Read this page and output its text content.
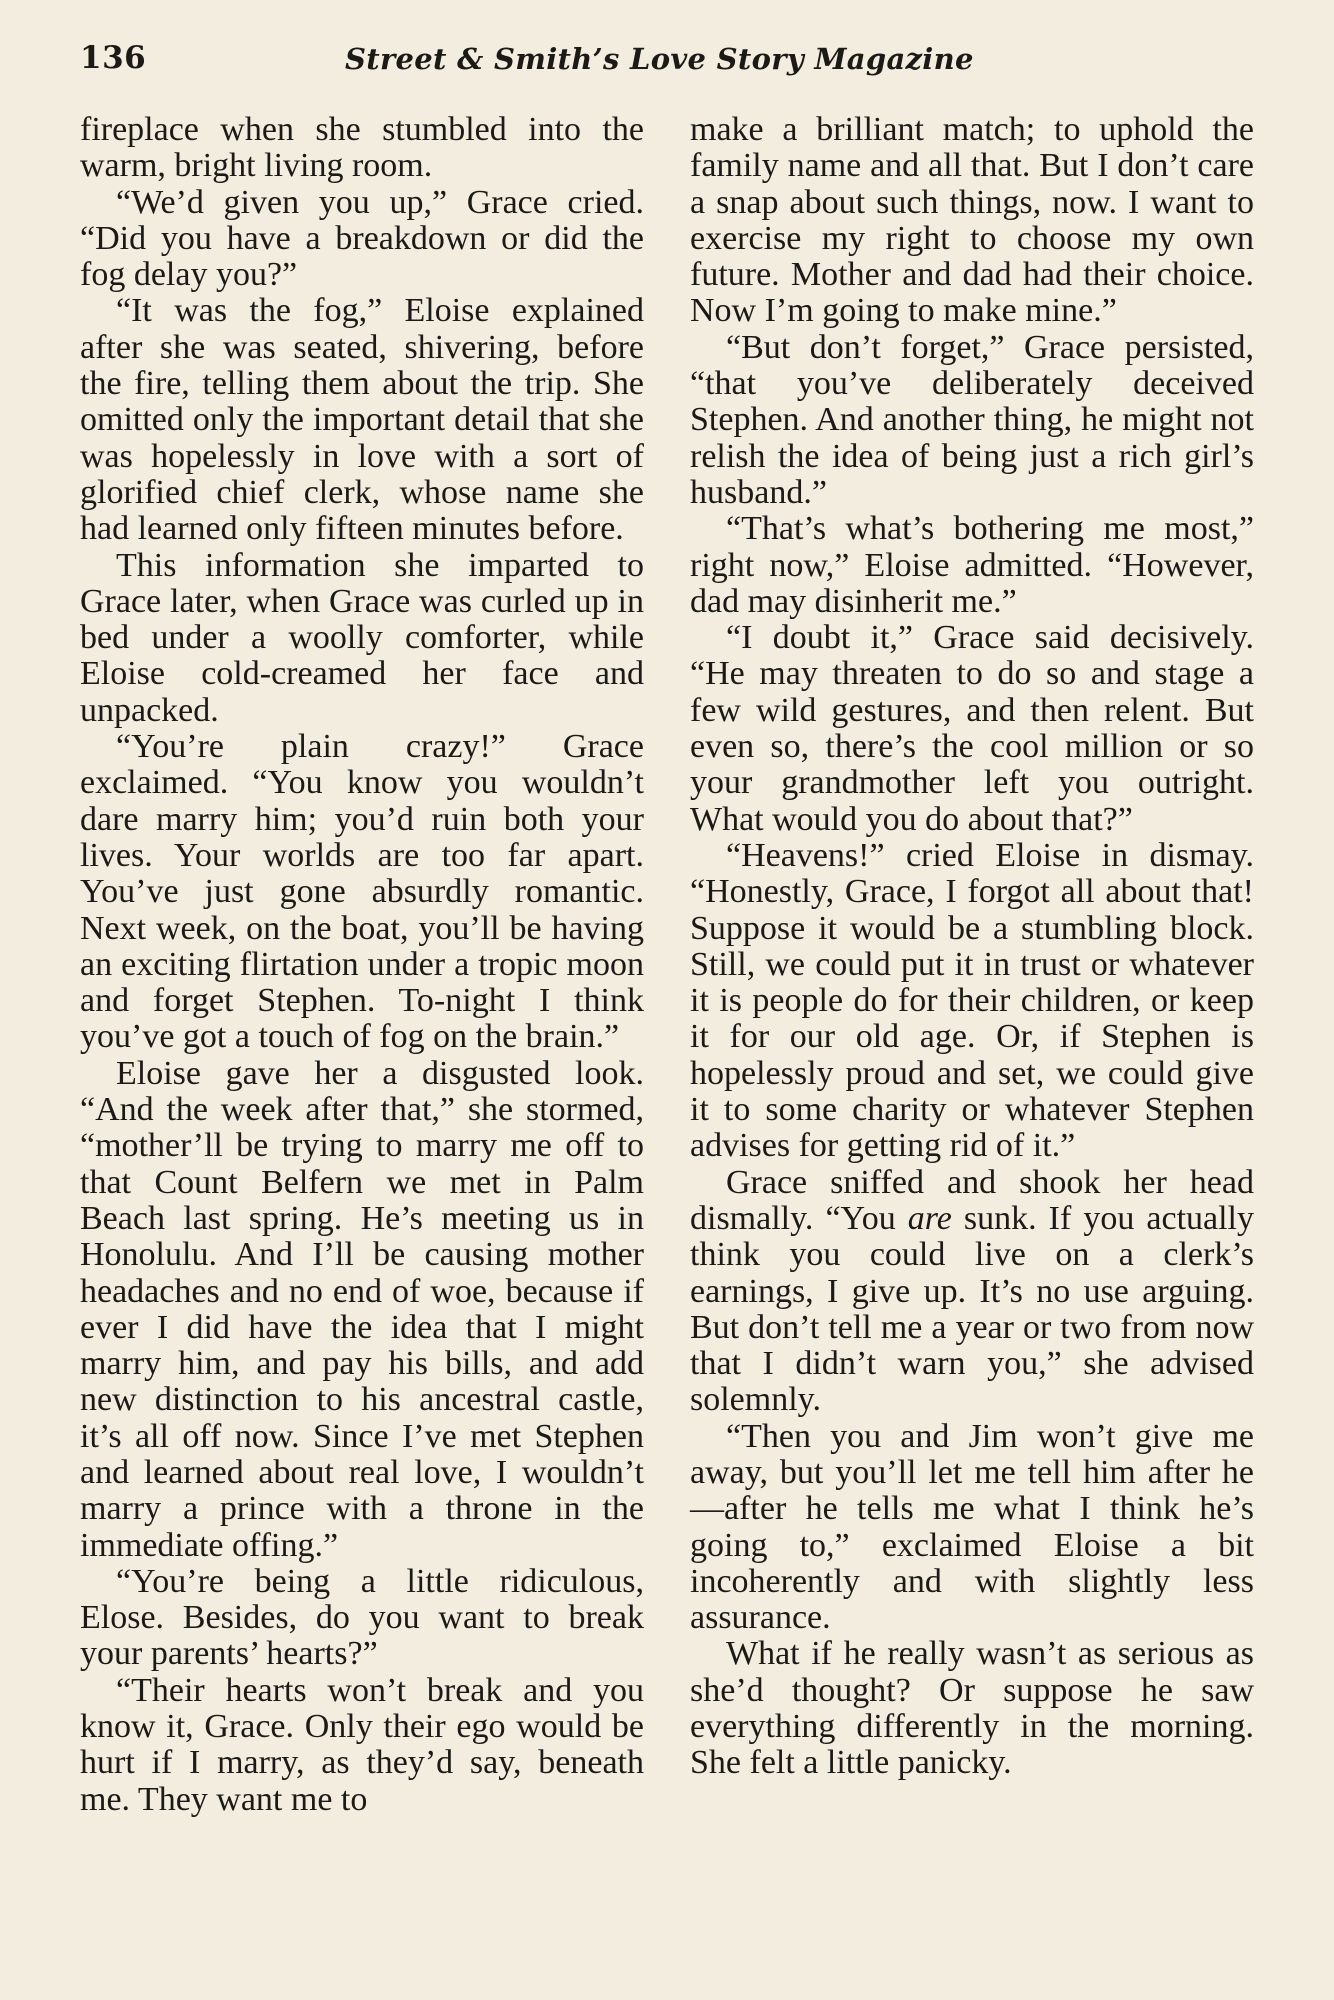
136	Street & Smith’s Love Story Magazine

fireplace when she stumbled into the warm, bright living room.

“We’d given you up,” Grace cried. “Did you have a breakdown or did the fog delay you?”

“It was the fog,” Eloise explained after she was seated, shivering, before the fire, telling them about the trip. She omitted only the important detail that she was hopelessly in love with a sort of glorified chief clerk, whose name she had learned only fifteen minutes before.

This information she imparted to Grace later, when Grace was curled up in bed under a woolly comforter, while Eloise cold-creamed her face and unpacked.

“You’re plain crazy!” Grace exclaimed. “You know you wouldn’t dare marry him; you’d ruin both your lives. Your worlds are too far apart. You’ve just gone absurdly romantic. Next week, on the boat, you’ll be having an exciting flirtation under a tropic moon and forget Stephen. To-night I think you’ve got a touch of fog on the brain.”

Eloise gave her a disgusted look. “And the week after that,” she stormed, “mother’ll be trying to marry me off to that Count Belfern we met in Palm Beach last spring. He’s meeting us in Honolulu. And I’ll be causing mother headaches and no end of woe, because if ever I did have the idea that I might marry him, and pay his bills, and add new distinction to his ancestral castle, it’s all off now. Since I’ve met Stephen and learned about real love, I wouldn’t marry a prince with a throne in the immediate offing.”

“You’re being a little ridiculous, Elose. Besides, do you want to break your parents’ hearts?”

“Their hearts won’t break and you know it, Grace. Only their ego would be hurt if I marry, as they’d say, beneath me. They want me to

make a brilliant match; to uphold the family name and all that. But I don’t care a snap about such things, now. I want to exercise my right to choose my own future. Mother and dad had their choice. Now I’m going to make mine.”

“But don’t forget,” Grace persisted, “that you’ve deliberately deceived Stephen. And another thing, he might not relish the idea of being just a rich girl’s husband.”

“That’s what’s bothering me most,” right now,” Eloise admitted. “However, dad may disinherit me.”

“I doubt it,” Grace said decisively. “He may threaten to do so and stage a few wild gestures, and then relent. But even so, there’s the cool million or so your grandmother left you outright. What would you do about that?”

“Heavens!” cried Eloise in dismay. “Honestly, Grace, I forgot all about that! Suppose it would be a stumbling block. Still, we could put it in trust or whatever it is people do for their children, or keep it for our old age. Or, if Stephen is hopelessly proud and set, we could give it to some charity or whatever Stephen advises for getting rid of it.”

Grace sniffed and shook her head dismally. “You are sunk. If you actually think you could live on a clerk’s earnings, I give up. It’s no use arguing. But don’t tell me a year or two from now that I didn’t warn you,” she advised solemnly.

“Then you and Jim won’t give me away, but you’ll let me tell him after he—after he tells me what I think he’s going to,” exclaimed Eloise a bit incoherently and with slightly less assurance.

What if he really wasn’t as serious as she’d thought? Or suppose he saw everything differently in the morning. She felt a little panicky.
